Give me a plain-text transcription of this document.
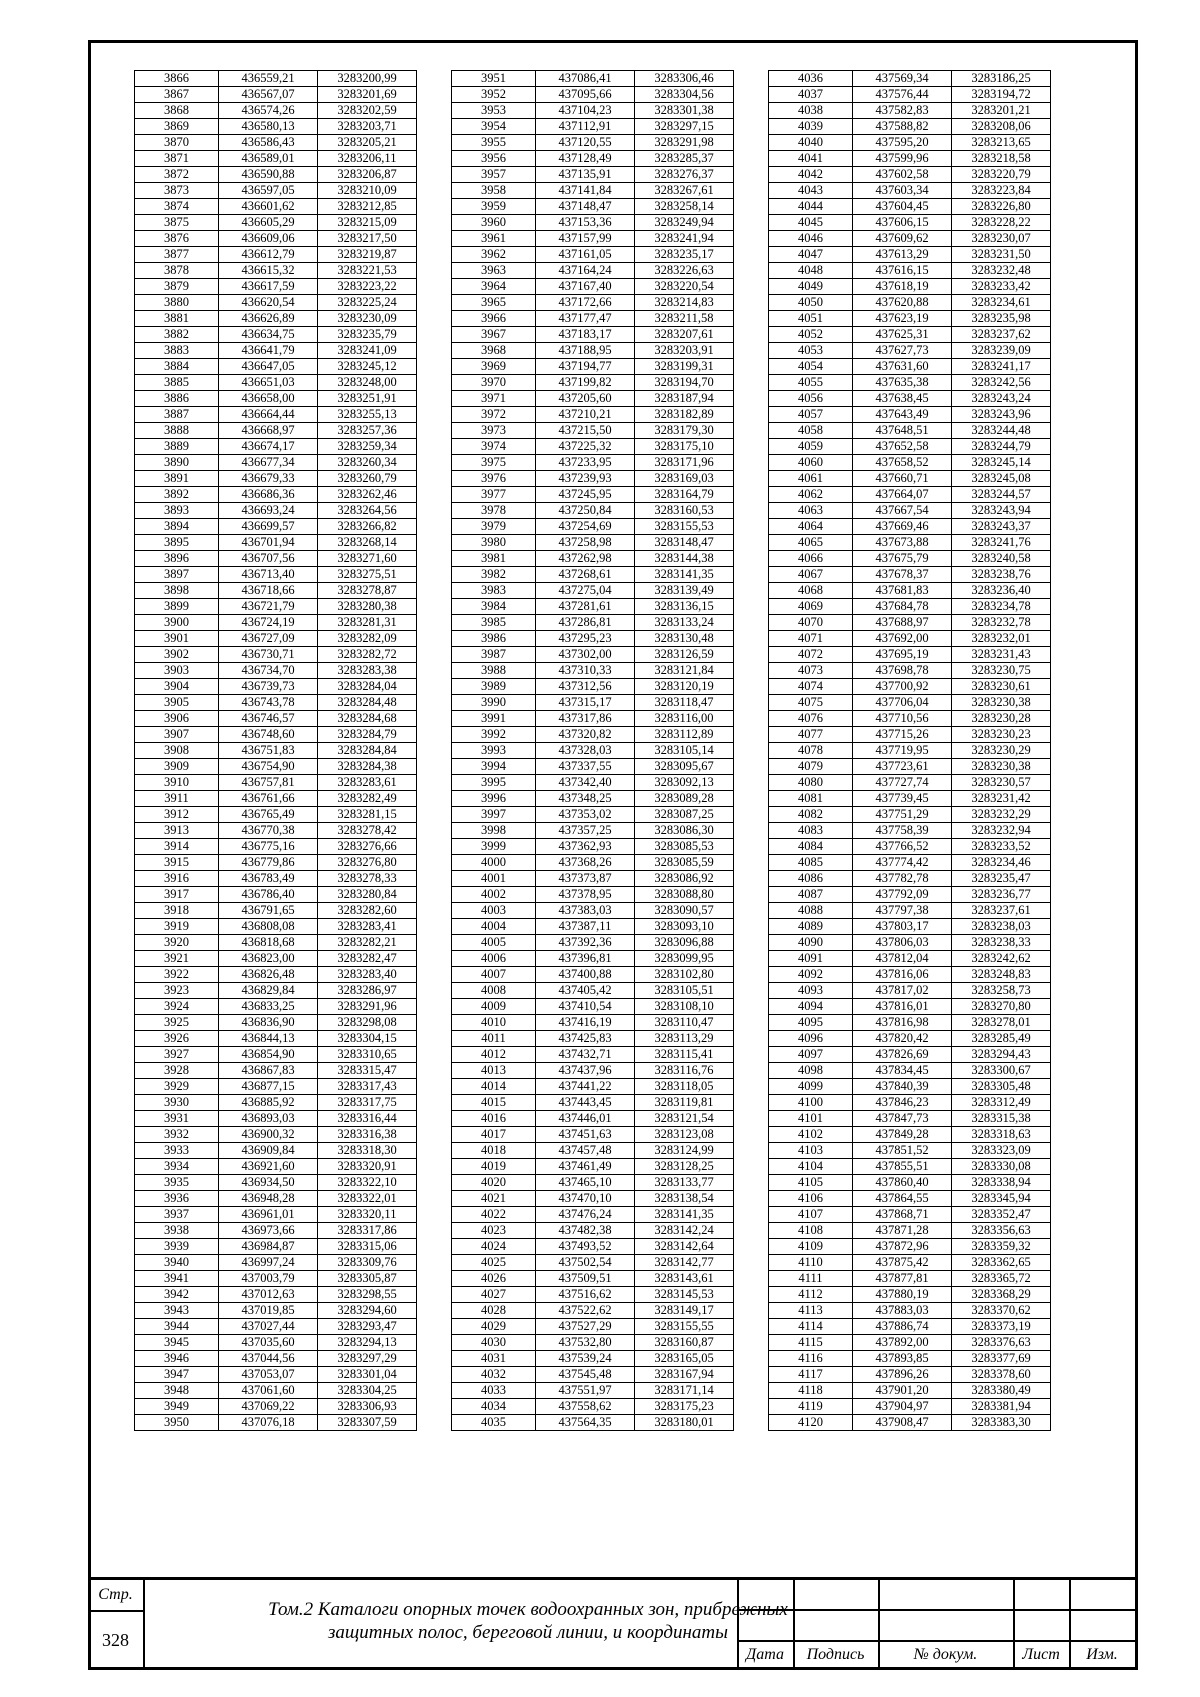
3866	436559,21	3283200,99
3867	436567,07	3283201,69
3868	436574,26	3283202,59
3869	436580,13	3283203,71
3870	436586,43	3283205,21
3871	436589,01	3283206,11
3872	436590,88	3283206,87
3873	436597,05	3283210,09
3874	436601,62	3283212,85
3875	436605,29	3283215,09
3876	436609,06	3283217,50
3877	436612,79	3283219,87
3878	436615,32	3283221,53
3879	436617,59	3283223,22
3880	436620,54	3283225,24
3881	436626,89	3283230,09
3882	436634,75	3283235,79
3883	436641,79	3283241,09
3884	436647,05	3283245,12
3885	436651,03	3283248,00
3886	436658,00	3283251,91
3887	436664,44	3283255,13
3888	436668,97	3283257,36
3889	436674,17	3283259,34
3890	436677,34	3283260,34
3891	436679,33	3283260,79
3892	436686,36	3283262,46
3893	436693,24	3283264,56
3894	436699,57	3283266,82
3895	436701,94	3283268,14
3896	436707,56	3283271,60
3897	436713,40	3283275,51
3898	436718,66	3283278,87
3899	436721,79	3283280,38
3900	436724,19	3283281,31
3901	436727,09	3283282,09
3902	436730,71	3283282,72
3903	436734,70	3283283,38
3904	436739,73	3283284,04
3905	436743,78	3283284,48
3906	436746,57	3283284,68
3907	436748,60	3283284,79
3908	436751,83	3283284,84
3909	436754,90	3283284,38
3910	436757,81	3283283,61
3911	436761,66	3283282,49
3912	436765,49	3283281,15
3913	436770,38	3283278,42
3914	436775,16	3283276,66
3915	436779,86	3283276,80
3916	436783,49	3283278,33
3917	436786,40	3283280,84
3918	436791,65	3283282,60
3919	436808,08	3283283,41
3920	436818,68	3283282,21
3921	436823,00	3283282,47
3922	436826,48	3283283,40
3923	436829,84	3283286,97
3924	436833,25	3283291,96
3925	436836,90	3283298,08
3926	436844,13	3283304,15
3927	436854,90	3283310,65
3928	436867,83	3283315,47
3929	436877,15	3283317,43
3930	436885,92	3283317,75
3931	436893,03	3283316,44
3932	436900,32	3283316,38
3933	436909,84	3283318,30
3934	436921,60	3283320,91
3935	436934,50	3283322,10
3936	436948,28	3283322,01
3937	436961,01	3283320,11
3938	436973,66	3283317,86
3939	436984,87	3283315,06
3940	436997,24	3283309,76
3941	437003,79	3283305,87
3942	437012,63	3283298,55
3943	437019,85	3283294,60
3944	437027,44	3283293,47
3945	437035,60	3283294,13
3946	437044,56	3283297,29
3947	437053,07	3283301,04
3948	437061,60	3283304,25
3949	437069,22	3283306,93
3950	437076,18	3283307,59
3951	437086,41	3283306,46
3952	437095,66	3283304,56
3953	437104,23	3283301,38
3954	437112,91	3283297,15
3955	437120,55	3283291,98
3956	437128,49	3283285,37
3957	437135,91	3283276,37
3958	437141,84	3283267,61
3959	437148,47	3283258,14
3960	437153,36	3283249,94
3961	437157,99	3283241,94
3962	437161,05	3283235,17
3963	437164,24	3283226,63
3964	437167,40	3283220,54
3965	437172,66	3283214,83
3966	437177,47	3283211,58
3967	437183,17	3283207,61
3968	437188,95	3283203,91
3969	437194,77	3283199,31
3970	437199,82	3283194,70
3971	437205,60	3283187,94
3972	437210,21	3283182,89
3973	437215,50	3283179,30
3974	437225,32	3283175,10
3975	437233,95	3283171,96
3976	437239,93	3283169,03
3977	437245,95	3283164,79
3978	437250,84	3283160,53
3979	437254,69	3283155,53
3980	437258,98	3283148,47
3981	437262,98	3283144,38
3982	437268,61	3283141,35
3983	437275,04	3283139,49
3984	437281,61	3283136,15
3985	437286,81	3283133,24
3986	437295,23	3283130,48
3987	437302,00	3283126,59
3988	437310,33	3283121,84
3989	437312,56	3283120,19
3990	437315,17	3283118,47
3991	437317,86	3283116,00
3992	437320,82	3283112,89
3993	437328,03	3283105,14
3994	437337,55	3283095,67
3995	437342,40	3283092,13
3996	437348,25	3283089,28
3997	437353,02	3283087,25
3998	437357,25	3283086,30
3999	437362,93	3283085,53
4000	437368,26	3283085,59
4001	437373,87	3283086,92
4002	437378,95	3283088,80
4003	437383,03	3283090,57
4004	437387,11	3283093,10
4005	437392,36	3283096,88
4006	437396,81	3283099,95
4007	437400,88	3283102,80
4008	437405,42	3283105,51
4009	437410,54	3283108,10
4010	437416,19	3283110,47
4011	437425,83	3283113,29
4012	437432,71	3283115,41
4013	437437,96	3283116,76
4014	437441,22	3283118,05
4015	437443,45	3283119,81
4016	437446,01	3283121,54
4017	437451,63	3283123,08
4018	437457,48	3283124,99
4019	437461,49	3283128,25
4020	437465,10	3283133,77
4021	437470,10	3283138,54
4022	437476,24	3283141,35
4023	437482,38	3283142,24
4024	437493,52	3283142,64
4025	437502,54	3283142,77
4026	437509,51	3283143,61
4027	437516,62	3283145,53
4028	437522,62	3283149,17
4029	437527,29	3283155,55
4030	437532,80	3283160,87
4031	437539,24	3283165,05
4032	437545,48	3283167,94
4033	437551,97	3283171,14
4034	437558,62	3283175,23
4035	437564,35	3283180,01
4036	437569,34	3283186,25
4037	437576,44	3283194,72
4038	437582,83	3283201,21
4039	437588,82	3283208,06
4040	437595,20	3283213,65
4041	437599,96	3283218,58
4042	437602,58	3283220,79
4043	437603,34	3283223,84
4044	437604,45	3283226,80
4045	437606,15	3283228,22
4046	437609,62	3283230,07
4047	437613,29	3283231,50
4048	437616,15	3283232,48
4049	437618,19	3283233,42
4050	437620,88	3283234,61
4051	437623,19	3283235,98
4052	437625,31	3283237,62
4053	437627,73	3283239,09
4054	437631,60	3283241,17
4055	437635,38	3283242,56
4056	437638,45	3283243,24
4057	437643,49	3283243,96
4058	437648,51	3283244,48
4059	437652,58	3283244,79
4060	437658,52	3283245,14
4061	437660,71	3283245,08
4062	437664,07	3283244,57
4063	437667,54	3283243,94
4064	437669,46	3283243,37
4065	437673,88	3283241,76
4066	437675,79	3283240,58
4067	437678,37	3283238,76
4068	437681,83	3283236,40
4069	437684,78	3283234,78
4070	437688,97	3283232,78
4071	437692,00	3283232,01
4072	437695,19	3283231,43
4073	437698,78	3283230,75
4074	437700,92	3283230,61
4075	437706,04	3283230,38
4076	437710,56	3283230,28
4077	437715,26	3283230,23
4078	437719,95	3283230,29
4079	437723,61	3283230,38
4080	437727,74	3283230,57
4081	437739,45	3283231,42
4082	437751,29	3283232,29
4083	437758,39	3283232,94
4084	437766,52	3283233,52
4085	437774,42	3283234,46
4086	437782,78	3283235,47
4087	437792,09	3283236,77
4088	437797,38	3283237,61
4089	437803,17	3283238,03
4090	437806,03	3283238,33
4091	437812,04	3283242,62
4092	437816,06	3283248,83
4093	437817,02	3283258,73
4094	437816,01	3283270,80
4095	437816,98	3283278,01
4096	437820,42	3283285,49
4097	437826,69	3283294,43
4098	437834,45	3283300,67
4099	437840,39	3283305,48
4100	437846,23	3283312,49
4101	437847,73	3283315,38
4102	437849,28	3283318,63
4103	437851,52	3283323,09
4104	437855,51	3283330,08
4105	437860,40	3283338,94
4106	437864,55	3283345,94
4107	437868,71	3283352,47
4108	437871,28	3283356,63
4109	437872,96	3283359,32
4110	437875,42	3283362,65
4111	437877,81	3283365,72
4112	437880,19	3283368,29
4113	437883,03	3283370,62
4114	437886,74	3283373,19
4115	437892,00	3283376,63
4116	437893,85	3283377,69
4117	437896,26	3283378,60
4118	437901,20	3283380,49
4119	437904,97	3283381,94
4120	437908,47	3283383,30
Стр.
328
Том.2 Каталоги опорных точек водоохранных зон, прибрежных защитных полос, береговой линии, и координаты
Дата	Подпись	№ докум.	Лист	Изм.
